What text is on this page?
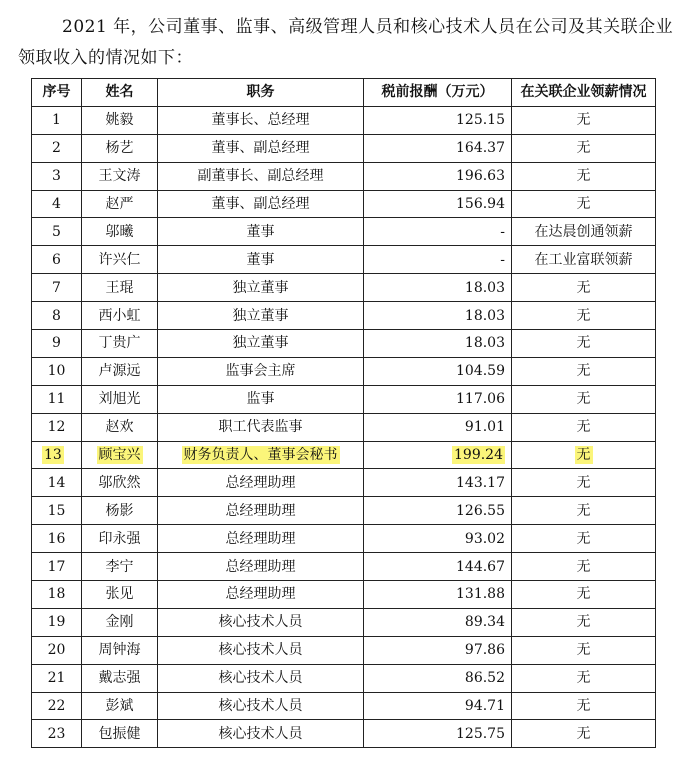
2021 年，公司董事、监事、高级管理人员和核心技术人员在公司及其关联企业领取收入的情况如下：
序号	姓名	职务	税前报酬（万元）	在关联企业领薪情况
1	姚毅	董事长、总经理	125.15	无
2	杨艺	董事、副总经理	164.37	无
3	王文涛	副董事长、副总经理	196.63	无
4	赵严	董事、副总经理	156.94	无
5	邬曦	董事	-	在达晨创通领薪
6	许兴仁	董事	-	在工业富联领薪
7	王琨	独立董事	18.03	无
8	西小虹	独立董事	18.03	无
9	丁贵广	独立董事	18.03	无
10	卢源远	监事会主席	104.59	无
11	刘旭光	监事	117.06	无
12	赵欢	职工代表监事	91.01	无
13	顾宝兴	财务负责人、董事会秘书	199.24	无
14	邬欣然	总经理助理	143.17	无
15	杨影	总经理助理	126.55	无
16	印永强	总经理助理	93.02	无
17	李宁	总经理助理	144.67	无
18	张见	总经理助理	131.88	无
19	金刚	核心技术人员	89.34	无
20	周钟海	核心技术人员	97.86	无
21	戴志强	核心技术人员	86.52	无
22	彭斌	核心技术人员	94.71	无
23	包振健	核心技术人员	125.75	无
